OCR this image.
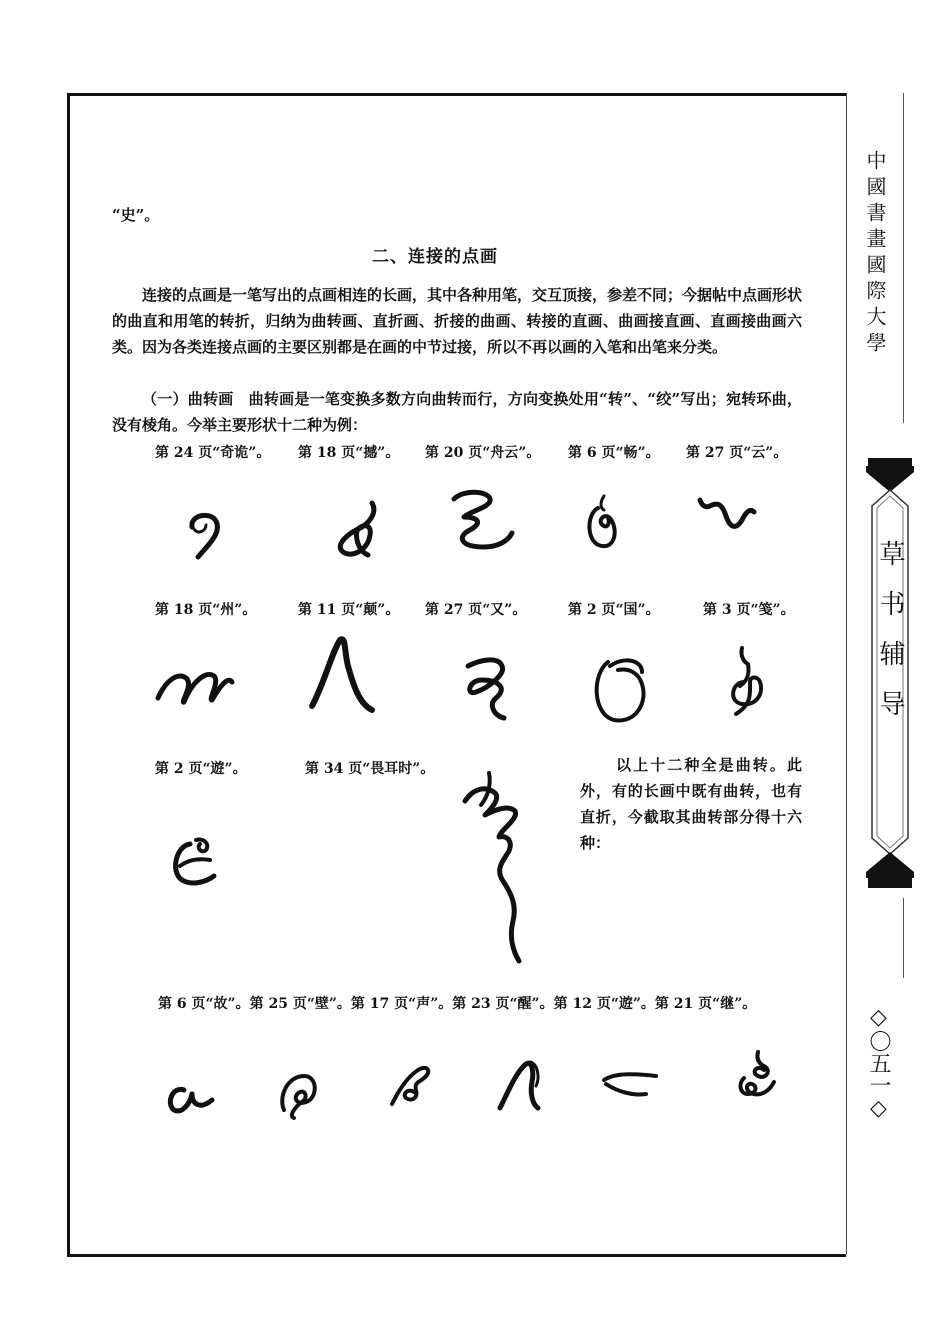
中國書畫國際大學
草书辅导
◇〇五一◇
“史”。
二、连接的点画
连接的点画是一笔写出的点画相连的长画，其中各种用笔，交互顶接，参差不同；今据帖中点画形状的曲直和用笔的转折，归纳为曲转画、直折画、折接的曲画、转接的直画、曲画接直画、直画接曲画六类。因为各类连接点画的主要区别都是在画的中节过接，所以不再以画的入笔和出笔来分类。
（一）曲转画　曲转画是一笔变换多数方向曲转而行，方向变换处用“转”、“绞”写出；宛转环曲，没有棱角。今举主要形状十二种为例：
第 24 页“奇诡”。 第 18 页“撼”。 第 20 页“舟云”。 第 6 页“畅”。 第 27 页“云”。
第 18 页“州”。	第 11 页“颠”。 第 27 页“又”。	第 2 页“国”。	第 3 页“笺”。
第 2 页“遊”。	第 34 页“畏耳时”。	以上十二种全是曲转。此外，有的长画中既有曲转，也有直折，今截取其曲转部分得十六种：
第 6 页“故”。第 25 页“壁”。第 17 页“声”。第 23 页“醒”。第 12 页“遊”。第 21 页“继”。
